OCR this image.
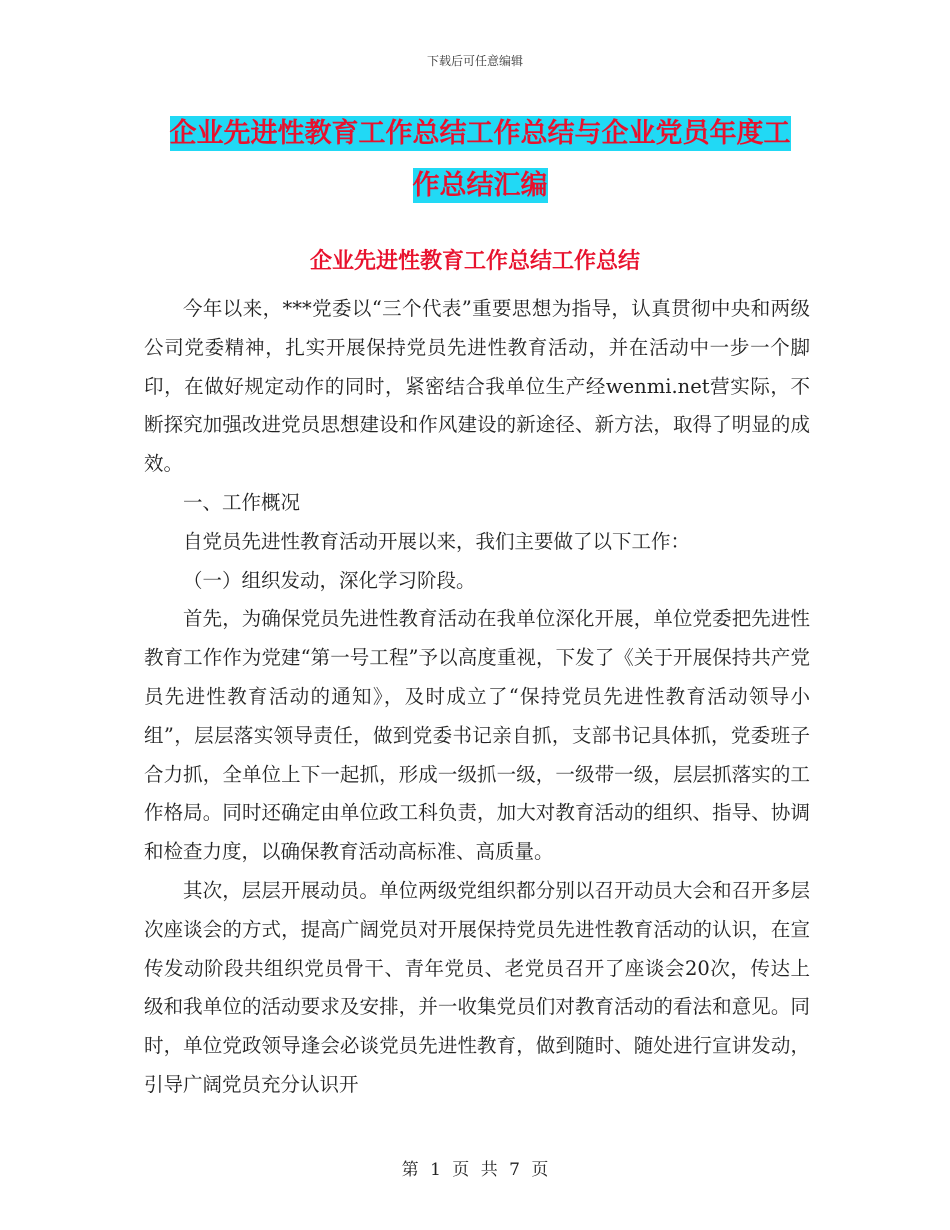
下载后可任意编辑
企业先进性教育工作总结工作总结与企业党员年度工
作总结汇编
企业先进性教育工作总结工作总结

今年以来，***党委以“三个代表”重要思想为指导，认真贯彻中央和两级公司党委精神，扎实开展保持党员先进性教育活动，并在活动中一步一个脚印，在做好规定动作的同时，紧密结合我单位生产经wenmi.net营实际，不断探究加强改进党员思想建设和作风建设的新途径、新方法，取得了明显的成效。

一、工作概况

自党员先进性教育活动开展以来，我们主要做了以下工作：

（一）组织发动，深化学习阶段。

首先，为确保党员先进性教育活动在我单位深化开展，单位党委把先进性教育工作作为党建“第一号工程”予以高度重视，下发了《关于开展保持共产党员先进性教育活动的通知》，及时成立了“保持党员先进性教育活动领导小组”，层层落实领导责任，做到党委书记亲自抓，支部书记具体抓，党委班子合力抓，全单位上下一起抓，形成一级抓一级，一级带一级，层层抓落实的工作格局。同时还确定由单位政工科负责，加大对教育活动的组织、指导、协调和检查力度，以确保教育活动高标准、高质量。

其次，层层开展动员。单位两级党组织都分别以召开动员大会和召开多层次座谈会的方式，提高广阔党员对开展保持党员先进性教育活动的认识，在宣传发动阶段共组织党员骨干、青年党员、老党员召开了座谈会20次，传达上级和我单位的活动要求及安排，并一收集党员们对教育活动的看法和意见。同时，单位党政领导逢会必谈党员先进性教育，做到随时、随处进行宣讲发动，引导广阔党员充分认识开

第 1 页 共 7 页
